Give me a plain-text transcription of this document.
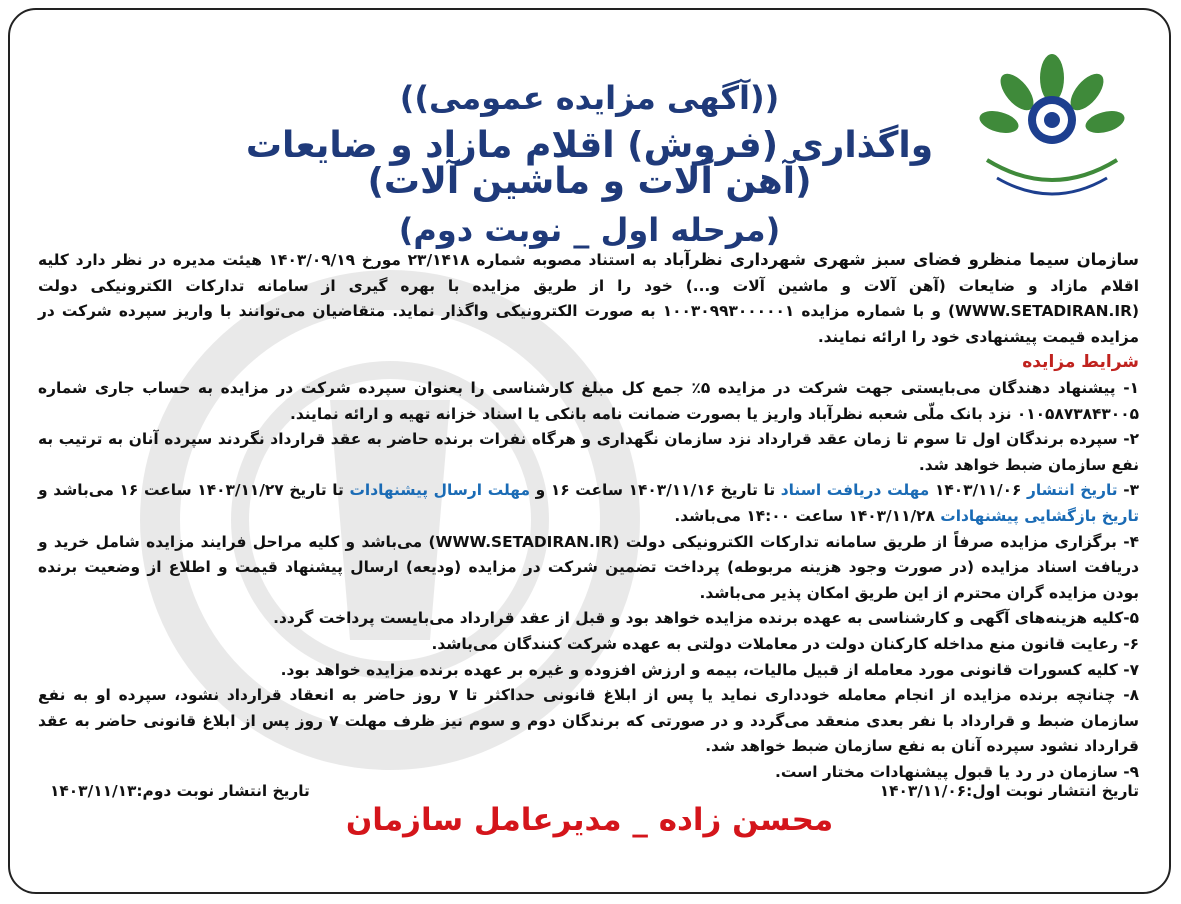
((آگهی مزایده عمومی))
واگذاری (فروش) اقلام مازاد و ضایعات (آهن آلات و ماشین آلات)
(مرحله اول _ نوبت دوم)

سازمان سیما منظرو فضای سبز شهری شهرداری نظرآباد به استناد مصوبه شماره ۲۳/۱۴۱۸ مورخ ۱۴۰۳/۰۹/۱۹ هیئت مدیره در نظر دارد کلیه اقلام مازاد و ضایعات (آهن آلات و ماشین آلات و...) خود را از طریق مزایده با بهره گیری از سامانه تدارکات الکترونیکی دولت (WWW.SETADIRAN.IR) و با شماره مزایده ۱۰۰۳۰۹۹۳۰۰۰۰۰۱ به صورت الکترونیکی واگذار نماید. متقاضیان می‌توانند با واریز سپرده شرکت در مزایده قیمت پیشنهادی خود را ارائه نمایند.

شرایط مزایده

۱- پیشنهاد دهندگان می‌بایستی جهت شرکت در مزایده ۵٪ جمع کل مبلغ کارشناسی را بعنوان سپرده شرکت در مزایده به حساب جاری شماره ۰۱۰۵۸۷۳۸۴۳۰۰۵ نزد بانک ملّی شعبه نظرآباد واریز یا بصورت ضمانت نامه بانکی یا اسناد خزانه تهیه و ارائه نمایند.

۲- سپرده برندگان اول تا سوم تا زمان عقد قرارداد نزد سازمان نگهداری و هرگاه نفرات برنده حاضر به عقد قرارداد نگردند سپرده آنان به ترتیب به نفع سازمان ضبط خواهد شد.

۳- تاریخ انتشار ۱۴۰۳/۱۱/۰۶ مهلت دریافت اسناد تا تاریخ ۱۴۰۳/۱۱/۱۶ ساعت ۱۶ و مهلت ارسال پیشنهادات تا تاریخ ۱۴۰۳/۱۱/۲۷ ساعت ۱۶ می‌باشد و تاریخ بازگشایی پیشنهادات ۱۴۰۳/۱۱/۲۸ ساعت ۱۴:۰۰ می‌باشد.

۴- برگزاری مزایده صرفاً از طریق سامانه تدارکات الکترونیکی دولت (WWW.SETADIRAN.IR) می‌باشد و کلیه مراحل فرایند مزایده شامل خرید و دریافت اسناد مزایده (در صورت وجود هزینه مربوطه) پرداخت تضمین شرکت در مزایده (ودیعه) ارسال پیشنهاد قیمت و اطلاع از وضعیت برنده بودن مزایده گران محترم از این طریق امکان پذیر می‌باشد.

۵-کلیه هزینه‌های آگهی و کارشناسی به عهده برنده مزایده خواهد بود و قبل از عقد قرارداد می‌بایست پرداخت گردد.

۶- رعایت قانون منع مداخله کارکنان دولت در معاملات دولتی به عهده شرکت کنندگان می‌باشد.

۷- کلیه کسورات قانونی مورد معامله از قبیل مالیات، بیمه و ارزش افزوده و غیره بر عهده برنده مزایده خواهد بود.

۸- چنانچه برنده مزایده از انجام معامله خودداری نماید یا پس از ابلاغ قانونی حداکثر تا ۷ روز حاضر به انعقاد قرارداد نشود، سپرده او به نفع سازمان ضبط و قرارداد با نفر بعدی منعقد می‌گردد و در صورتی که برندگان دوم و سوم نیز ظرف مهلت ۷ روز پس از ابلاغ قانونی حاضر به عقد قرارداد نشود سپرده آنان به نفع سازمان ضبط خواهد شد.

۹- سازمان در رد یا قبول پیشنهادات مختار است.

تاریخ انتشار نوبت اول:۱۴۰۳/۱۱/۰۶
تاریخ انتشار نوبت دوم:۱۴۰۳/۱۱/۱۳
محسن زاده _ مدیرعامل سازمان
